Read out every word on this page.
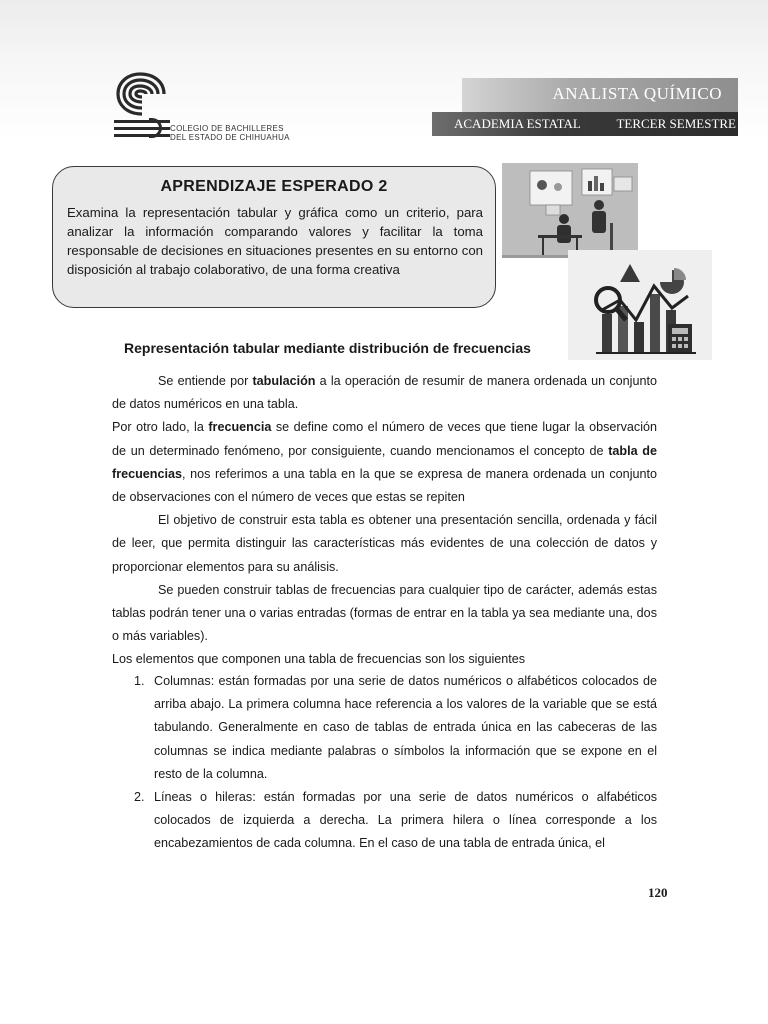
COLEGIO DE BACHILLERES
DEL ESTADO DE CHIHUAHUA
ANALISTA QUÍMICO
ACADEMIA ESTATAL	TERCER SEMESTRE
APRENDIZAJE ESPERADO 2
Examina la representación tabular y gráfica como un criterio, para analizar la información comparando valores y facilitar la toma responsable de decisiones en situaciones presentes en su entorno con disposición al trabajo colaborativo, de una forma creativa
Representación tabular mediante distribución de frecuencias

Se entiende por tabulación a la operación de resumir de manera ordenada un conjunto de datos numéricos en una tabla.

Por otro lado, la frecuencia se define como el número de veces que tiene lugar la observación de un determinado fenómeno, por consiguiente, cuando mencionamos el concepto de tabla de frecuencias, nos referimos a una tabla en la que se expresa de manera ordenada un conjunto de observaciones con el número de veces que estas se repiten

El objetivo de construir esta tabla es obtener una presentación sencilla, ordenada y fácil de leer, que permita distinguir las características más evidentes de una colección de datos y proporcionar elementos para su análisis.

Se pueden construir tablas de frecuencias para cualquier tipo de carácter, además estas tablas podrán tener una o varias entradas (formas de entrar en la tabla ya sea mediante una, dos o más variables).

Los elementos que componen una tabla de frecuencias son los siguientes
1. Columnas: están formadas por una serie de datos numéricos o alfabéticos colocados de arriba abajo. La primera columna hace referencia a los valores de la variable que se está tabulando. Generalmente en caso de tablas de entrada única en las cabeceras de las columnas se indica mediante palabras o símbolos la información que se expone en el resto de la columna.
2. Líneas o hileras: están formadas por una serie de datos numéricos o alfabéticos colocados de izquierda a derecha. La primera hilera o línea corresponde a los encabezamientos de cada columna. En el caso de una tabla de entrada única, el
120
